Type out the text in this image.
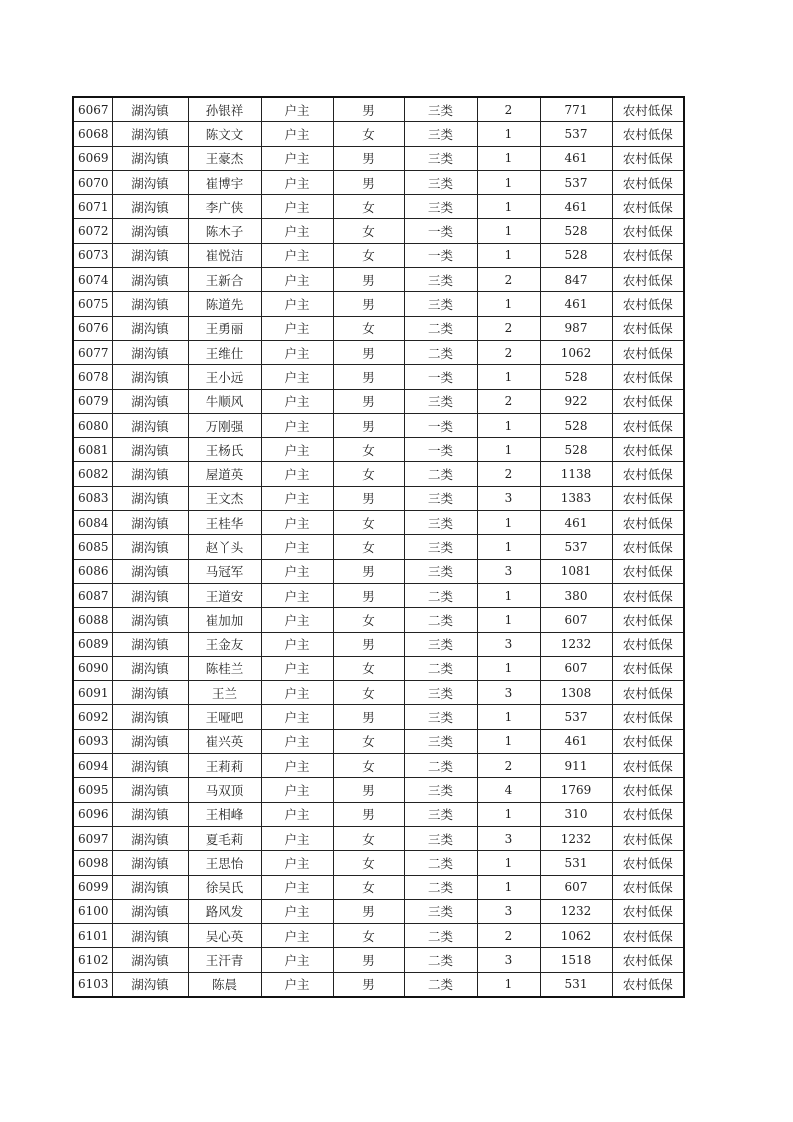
6067	湖沟镇	孙银祥	户主	男	三类	2	771	农村低保
6068	湖沟镇	陈文文	户主	女	三类	1	537	农村低保
6069	湖沟镇	王豪杰	户主	男	三类	1	461	农村低保
6070	湖沟镇	崔博宇	户主	男	三类	1	537	农村低保
6071	湖沟镇	李广侠	户主	女	三类	1	461	农村低保
6072	湖沟镇	陈木子	户主	女	一类	1	528	农村低保
6073	湖沟镇	崔悦洁	户主	女	一类	1	528	农村低保
6074	湖沟镇	王新合	户主	男	三类	2	847	农村低保
6075	湖沟镇	陈道先	户主	男	三类	1	461	农村低保
6076	湖沟镇	王勇丽	户主	女	二类	2	987	农村低保
6077	湖沟镇	王维仕	户主	男	二类	2	1062	农村低保
6078	湖沟镇	王小远	户主	男	一类	1	528	农村低保
6079	湖沟镇	牛顺风	户主	男	三类	2	922	农村低保
6080	湖沟镇	万刚强	户主	男	一类	1	528	农村低保
6081	湖沟镇	王杨氏	户主	女	一类	1	528	农村低保
6082	湖沟镇	屋道英	户主	女	二类	2	1138	农村低保
6083	湖沟镇	王文杰	户主	男	三类	3	1383	农村低保
6084	湖沟镇	王桂华	户主	女	三类	1	461	农村低保
6085	湖沟镇	赵丫头	户主	女	三类	1	537	农村低保
6086	湖沟镇	马冠军	户主	男	三类	3	1081	农村低保
6087	湖沟镇	王道安	户主	男	二类	1	380	农村低保
6088	湖沟镇	崔加加	户主	女	二类	1	607	农村低保
6089	湖沟镇	王金友	户主	男	三类	3	1232	农村低保
6090	湖沟镇	陈桂兰	户主	女	二类	1	607	农村低保
6091	湖沟镇	王兰	户主	女	三类	3	1308	农村低保
6092	湖沟镇	王哑吧	户主	男	三类	1	537	农村低保
6093	湖沟镇	崔兴英	户主	女	三类	1	461	农村低保
6094	湖沟镇	王莉莉	户主	女	二类	2	911	农村低保
6095	湖沟镇	马双顶	户主	男	三类	4	1769	农村低保
6096	湖沟镇	王相峰	户主	男	三类	1	310	农村低保
6097	湖沟镇	夏毛莉	户主	女	三类	3	1232	农村低保
6098	湖沟镇	王思怡	户主	女	二类	1	531	农村低保
6099	湖沟镇	徐吴氏	户主	女	二类	1	607	农村低保
6100	湖沟镇	路风发	户主	男	三类	3	1232	农村低保
6101	湖沟镇	吴心英	户主	女	二类	2	1062	农村低保
6102	湖沟镇	王汗青	户主	男	二类	3	1518	农村低保
6103	湖沟镇	陈晨	户主	男	二类	1	531	农村低保
